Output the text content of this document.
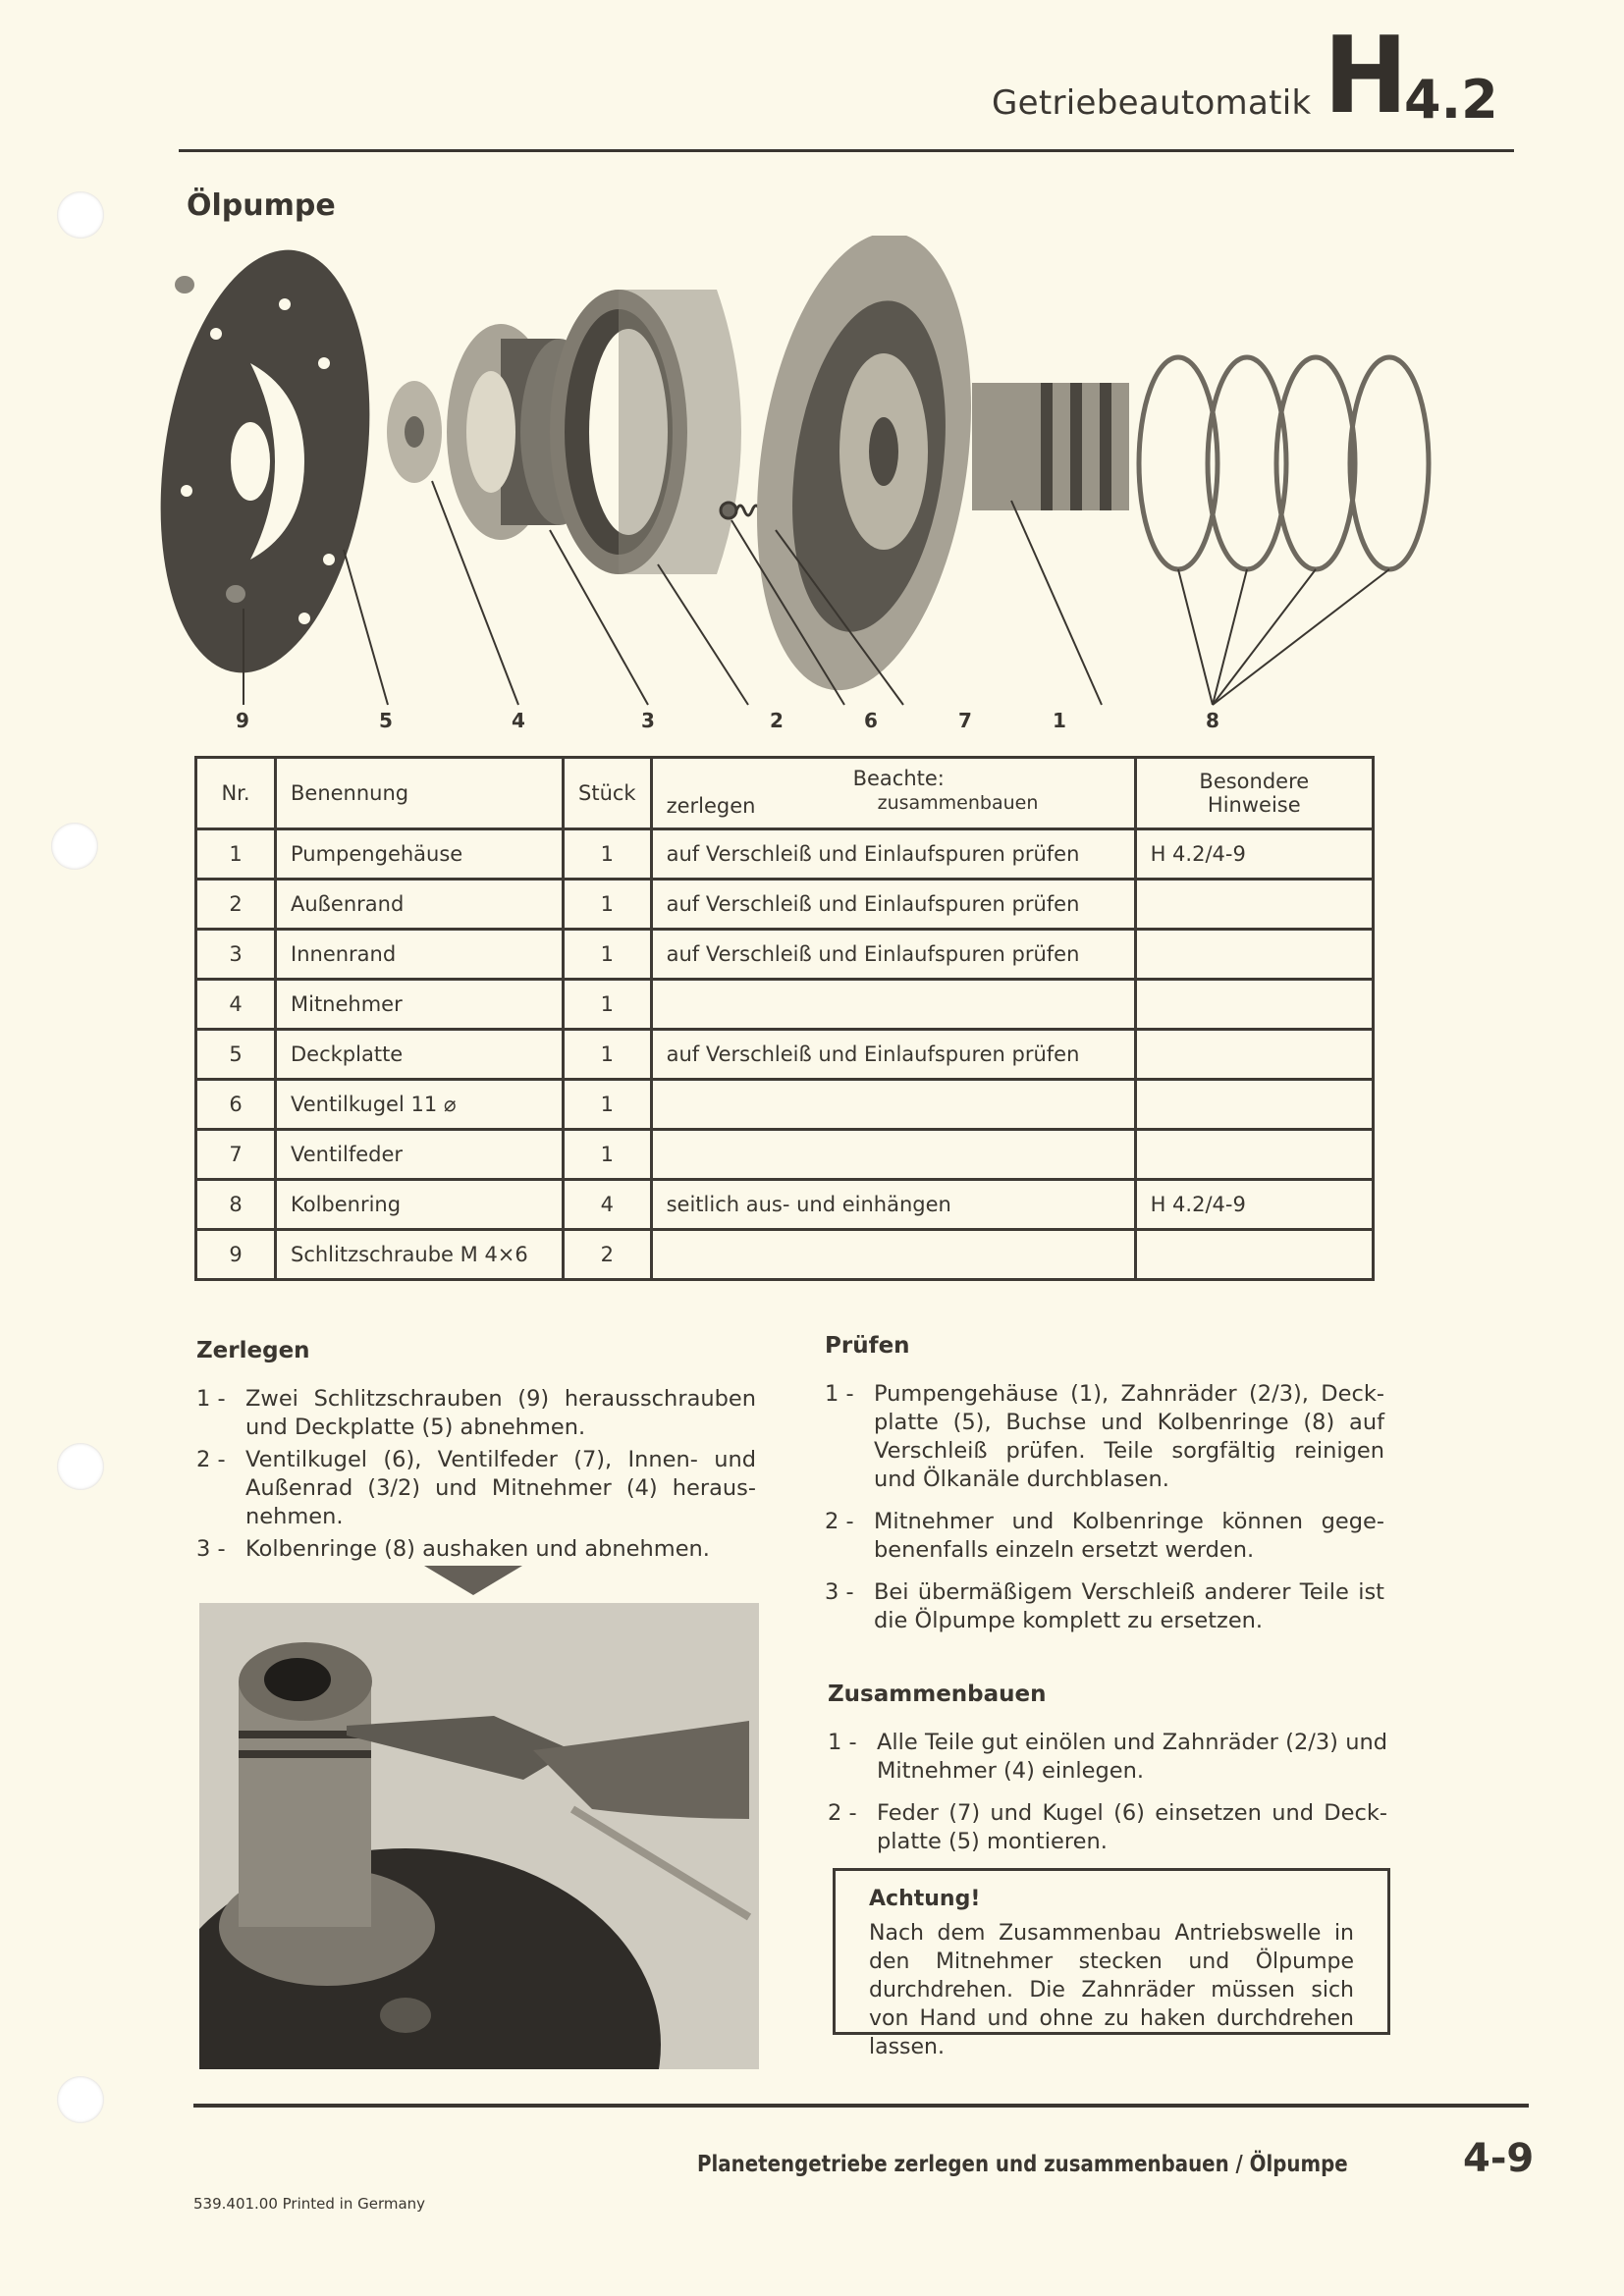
Getriebeautomatik H
4.2
Ölpumpe
9	5	4	3	2	6	7	1	8
Nr.	Benennung	Stück	Beachte:
zerlegen zusammenbauen	Besondere Hinweise
1	Pumpengehäuse	1	auf Verschleiß und Einlaufspuren prüfen	H 4.2/4-9
2	Außenrand	1	auf Verschleiß und Einlaufspuren prüfen	
3	Innenrand	1	auf Verschleiß und Einlaufspuren prüfen	
4	Mitnehmer	1		
5	Deckplatte	1	auf Verschleiß und Einlaufspuren prüfen	
6	Ventilkugel 11 ⌀	1		
7	Ventilfeder	1		
8	Kolbenring	4	seitlich aus- und einhängen	H 4.2/4-9
9	Schlitzschraube M 4×6	2		
Zerlegen
1 - Zwei Schlitzschrauben (9) herausschrauben und Deckplatte (5) abnehmen.
2 - Ventilkugel (6), Ventilfeder (7), Innen- und Außenrad (3/2) und Mitnehmer (4) heraus-nehmen.
3 - Kolbenringe (8) aushaken und abnehmen.
Prüfen
1 - Pumpengehäuse (1), Zahnräder (2/3), Deck-platte (5), Buchse und Kolbenringe (8) auf Verschleiß prüfen. Teile sorgfältig reinigen und Ölkanäle durchblasen.
2 - Mitnehmer und Kolbenringe können gege-benenfalls einzeln ersetzt werden.
3 - Bei übermäßigem Verschleiß anderer Teile ist die Ölpumpe komplett zu ersetzen.
Zusammenbauen
1 - Alle Teile gut einölen und Zahnräder (2/3) und Mitnehmer (4) einlegen.
2 - Feder (7) und Kugel (6) einsetzen und Deck-platte (5) montieren.
Achtung!
Nach dem Zusammenbau Antriebswelle in den Mitnehmer stecken und Ölpumpe durchdrehen. Die Zahnräder müssen sich von Hand und ohne zu haken durchdrehen lassen.
Planetengetriebe zerlegen und zusammenbauen / Ölpumpe	4-9
539.401.00 Printed in Germany
